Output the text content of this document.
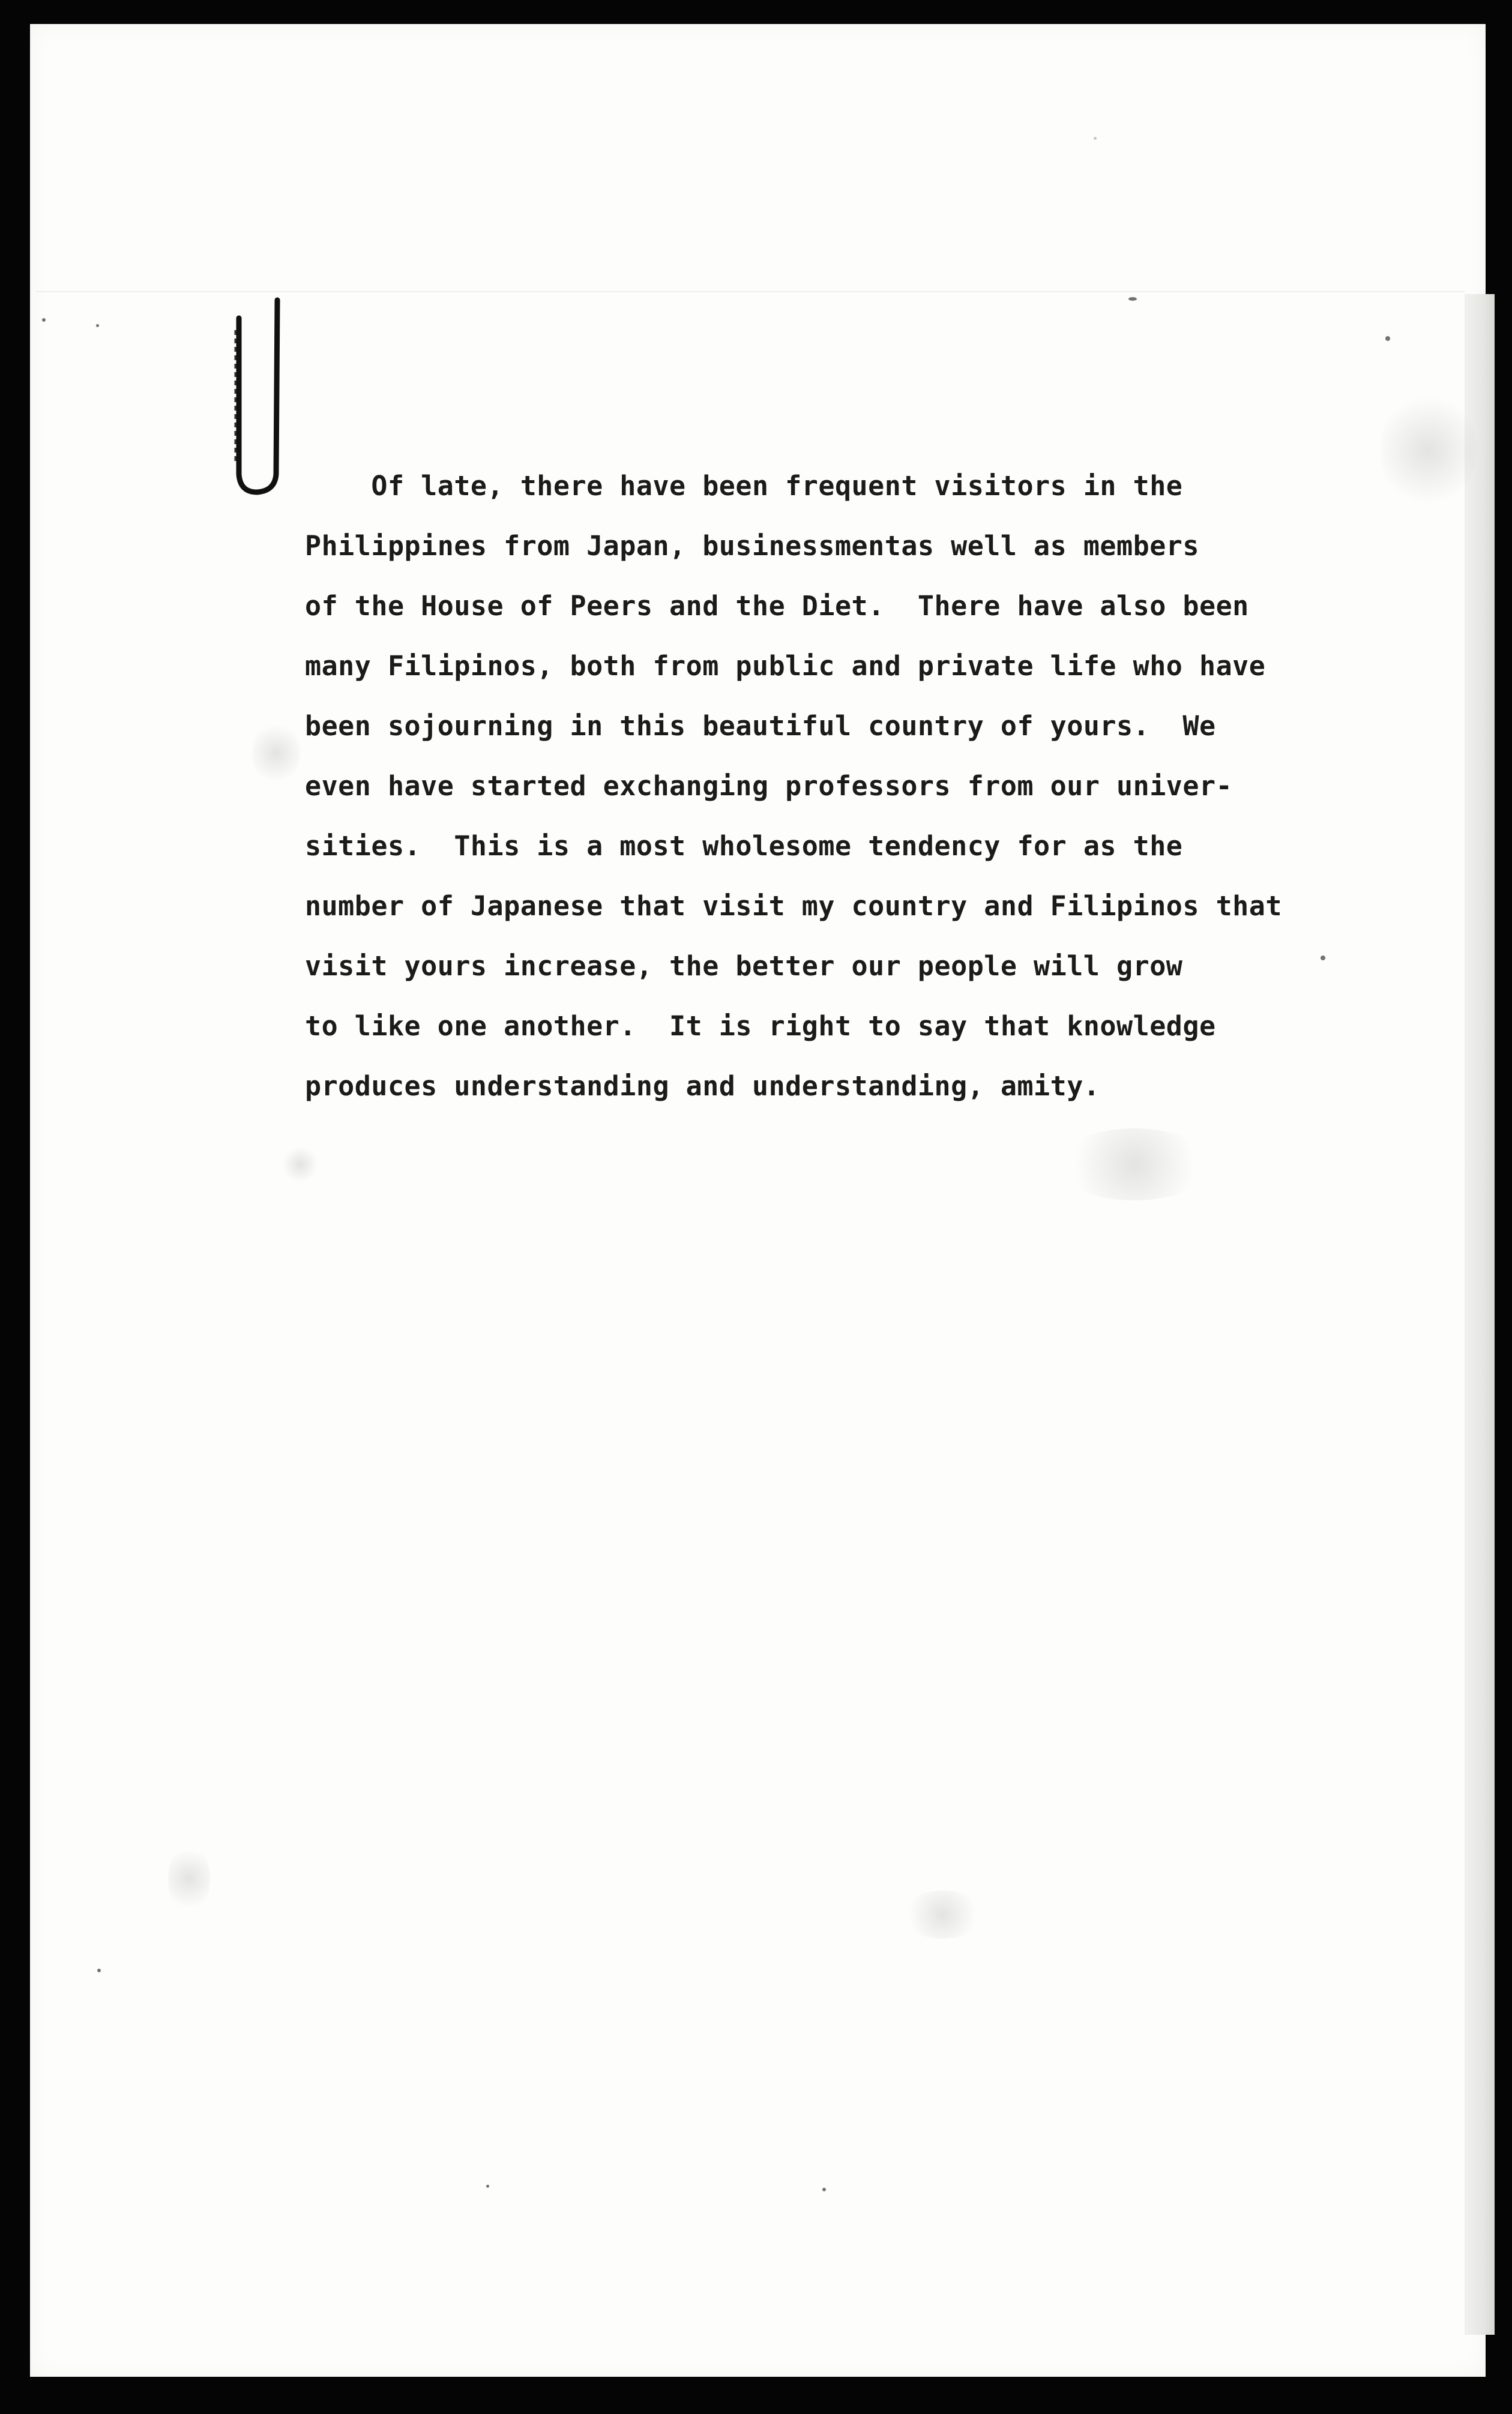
Of late, there have been frequent visitors in the
Philippines from Japan, businessmentas well as members
of the House of Peers and the Diet.  There have also been
many Filipinos, both from public and private life who have
been sojourning in this beautiful country of yours.  We
even have started exchanging professors from our univer-
sities.  This is a most wholesome tendency for as the
number of Japanese that visit my country and Filipinos that
visit yours increase, the better our people will grow
to like one another.  It is right to say that knowledge
produces understanding and understanding, amity.
